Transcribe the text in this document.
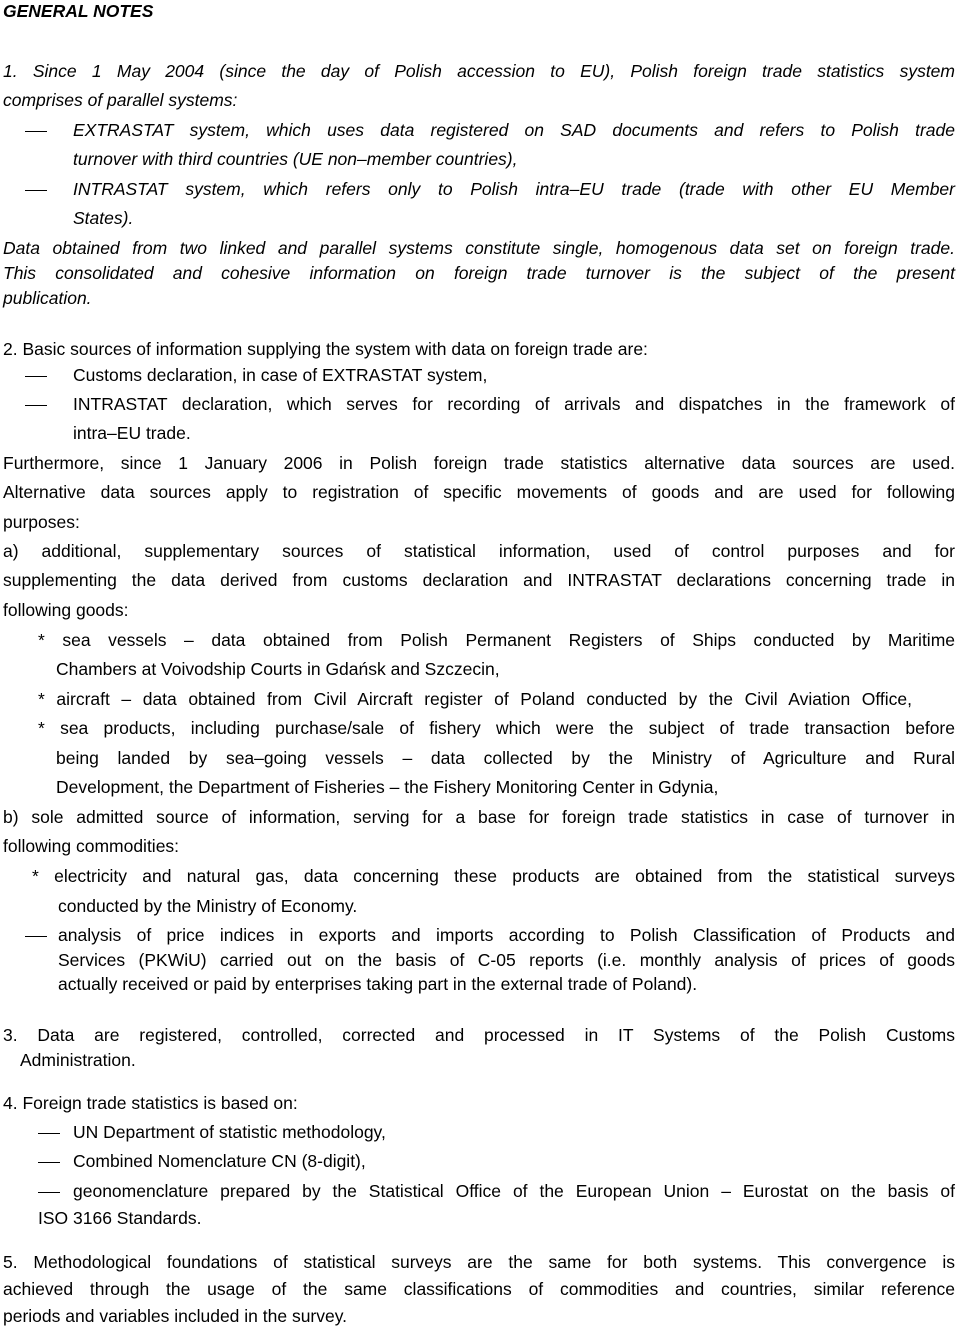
GENERAL NOTES
1. Since 1 May 2004 (since the day of Polish accession to EU), Polish foreign trade statistics system
comprises of parallel systems:
EXTRASTAT system, which uses data registered on SAD documents and refers to Polish trade
turnover with third countries (UE non–member countries),
INTRASTAT system, which refers only to Polish intra–EU trade (trade with other EU Member
States).
Data obtained from two linked and parallel systems constitute single, homogenous data set on foreign trade.
This consolidated and cohesive information on foreign trade turnover is the subject of the present
publication.
2. Basic sources of information supplying the system with data on foreign trade are:
Customs declaration, in case of EXTRASTAT system,
INTRASTAT declaration, which serves for recording of arrivals and dispatches in the framework of
intra–EU trade.
Furthermore, since 1 January 2006 in Polish foreign trade statistics alternative data sources are used.
Alternative data sources apply to registration of specific movements of goods and are used for following
purposes:
a) additional, supplementary sources of statistical information, used of control purposes and for
supplementing the data derived from customs declaration and INTRASTAT declarations concerning trade in
following goods:
* sea vessels – data obtained from Polish Permanent Registers of Ships conducted by Maritime
Chambers at Voivodship Courts in Gdańsk and Szczecin,
* aircraft – data obtained from Civil Aircraft register of Poland conducted by the Civil Aviation Office,
* sea products, including purchase/sale of fishery which were the subject of trade transaction before
being landed by sea–going vessels – data collected by the Ministry of Agriculture and Rural
Development, the Department of Fisheries – the Fishery Monitoring Center in Gdynia,
b) sole admitted source of information, serving for a base for foreign trade statistics in case of turnover in
following commodities:
* electricity and natural gas, data concerning these products are obtained from the statistical surveys
conducted by the Ministry of Economy.
analysis of price indices in exports and imports according to Polish Classification of Products and
Services (PKWiU) carried out on the basis of C-05 reports (i.e. monthly analysis of prices of goods
actually received or paid by enterprises taking part in the external trade of Poland).
3. Data are registered, controlled, corrected and processed in IT Systems of the Polish Customs
Administration.
4. Foreign trade statistics is based on:
UN Department of statistic methodology,
Combined Nomenclature CN (8-digit),
geonomenclature prepared by the Statistical Office of the European Union – Eurostat on the basis of
ISO 3166 Standards.
5. Methodological foundations of statistical surveys are the same for both systems. This convergence is
achieved through the usage of the same classifications of commodities and countries, similar reference
periods and variables included in the survey.
